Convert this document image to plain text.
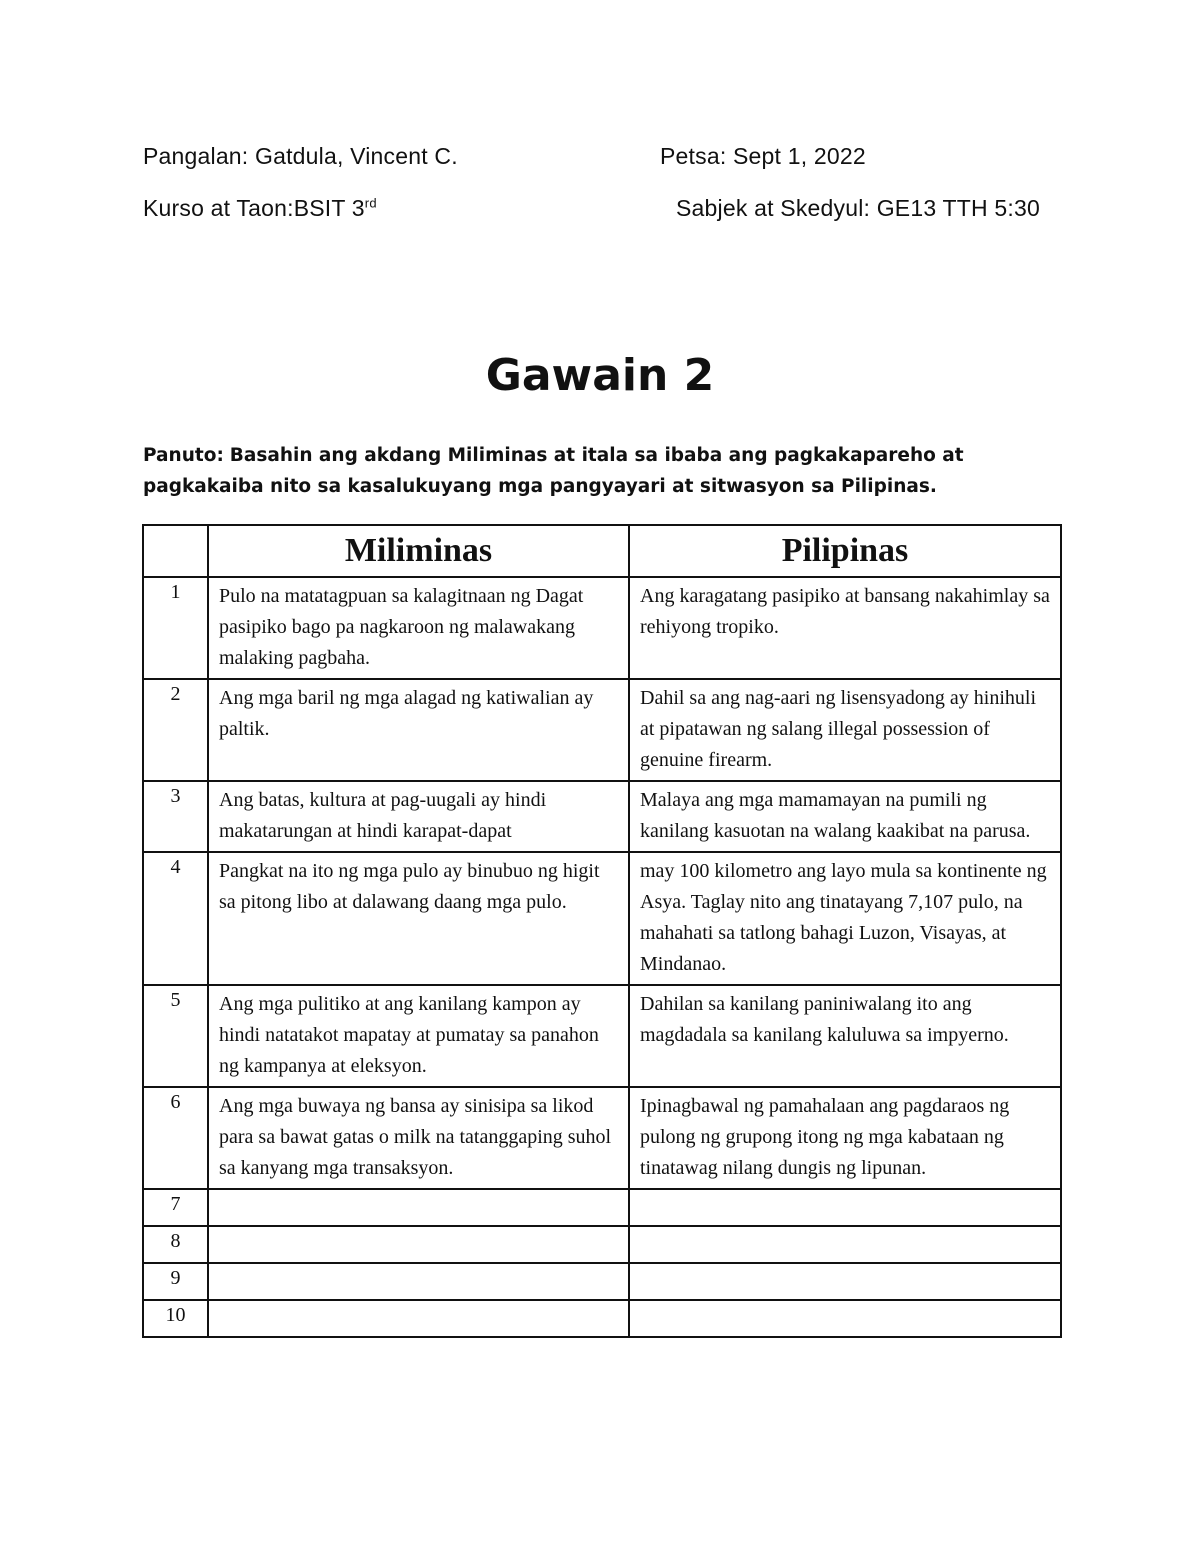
Pangalan: Gatdula, Vincent C.	Petsa: Sept 1, 2022
Kurso at Taon:BSIT 3rd	Sabjek at Skedyul: GE13 TTH 5:30
Gawain 2
Panuto: Basahin ang akdang Miliminas at itala sa ibaba ang pagkakapareho at pagkakaiba nito sa kasalukuyang mga pangyayari at sitwasyon sa Pilipinas.
	Miliminas	Pilipinas
1	Pulo na matatagpuan sa kalagitnaan ng Dagat pasipiko bago pa nagkaroon ng malawakang malaking pagbaha.	Ang karagatang pasipiko at bansang nakahimlay sa rehiyong tropiko.
2	Ang mga baril ng mga alagad ng katiwalian ay paltik.	Dahil sa ang nag-aari ng lisensyadong ay hinihuli at pipatawan ng salang illegal possession of genuine firearm.
3	Ang batas, kultura at pag-uugali ay hindi makatarungan at hindi karapat-dapat	Malaya ang mga mamamayan na pumili ng kanilang kasuotan na walang kaakibat na parusa.
4	Pangkat na ito ng mga pulo ay binubuo ng higit sa pitong libo at dalawang daang mga pulo.	may 100 kilometro ang layo mula sa kontinente ng Asya. Taglay nito ang tinatayang 7,107 pulo, na mahahati sa tatlong bahagi Luzon, Visayas, at Mindanao.
5	Ang mga pulitiko at ang kanilang kampon ay hindi natatakot mapatay at pumatay sa panahon ng kampanya at eleksyon.	Dahilan sa kanilang paniniwalang ito ang magdadala sa kanilang kaluluwa sa impyerno.
6	Ang mga buwaya ng bansa ay sinisipa sa likod para sa bawat gatas o milk na tatanggaping suhol sa kanyang mga transaksyon.	Ipinagbawal ng pamahalaan ang pagdaraos ng pulong ng grupong itong ng mga kabataan ng tinatawag nilang dungis ng lipunan.
7		
8		
9		
10		
